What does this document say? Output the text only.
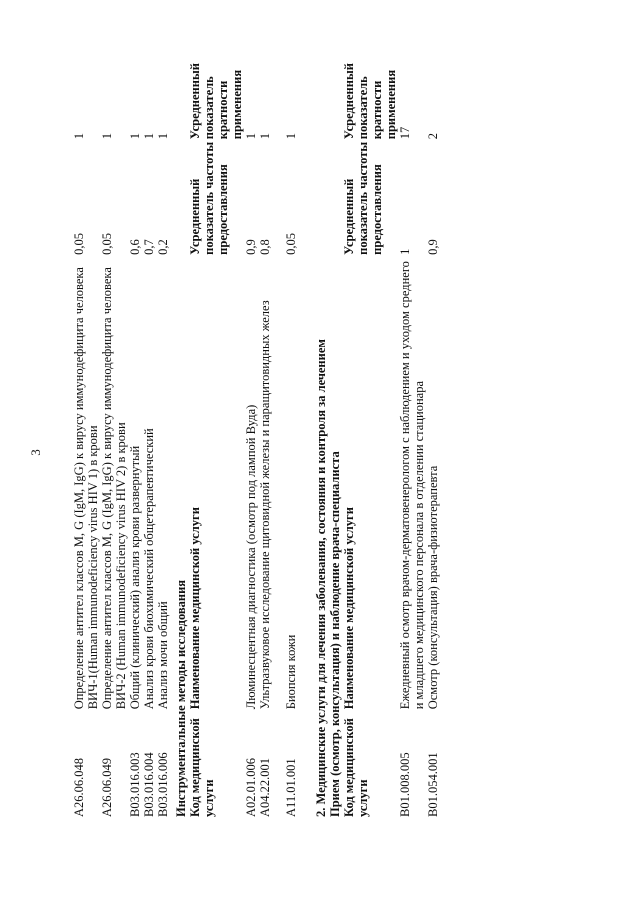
3
A26.06.048	Определение антител классов M, G (IgM, IgG) к вирусу иммунодефицита человека ВИЧ-1(Human immunodeficiency virus HIV 1) в крови	0,05	1
A26.06.049	Определение антител классов M, G (IgM, IgG) к вирусу иммунодефицита человека ВИЧ-2 (Human immunodeficiency virus HIV 2) в крови	0,05	1
B03.016.003	Общий (клинический) анализ крови развернутый	0,6	1
B03.016.004	Анализ крови биохимический общетерапевтический	0,7	1
B03.016.006	Анализ мочи общий	0,2	1
Инструментальные методы исследования			
Код медицинской услуги	Наименование медицинской услуги	Усредненный показатель частоты предоставления	Усредненный показатель кратности применения
A02.01.006	Люминесцентная диагностика (осмотр под лампой Вуда)	0,9	1
A04.22.001	Ультразвуковое исследование щитовидной железы и паращитовидных желез	0,8	1

A11.01.001	Биопсия кожи	0,05	1

2. Медицинские услуги для лечения заболевания, состояния и контроля за лечением			
Прием (осмотр, консультация) и наблюдение врача-специалиста			
Код медицинской услуги	Наименование медицинской услуги	Усредненный показатель частоты предоставления	Усредненный показатель кратности применения
B01.008.005	Ежедневный осмотр врачом-дерматовенерологом с наблюдением и уходом среднего и младшего медицинского персонала в отделении стационара	1	17
B01.054.001	Осмотр (консультация) врача-физиотерапевта	0,9	2
